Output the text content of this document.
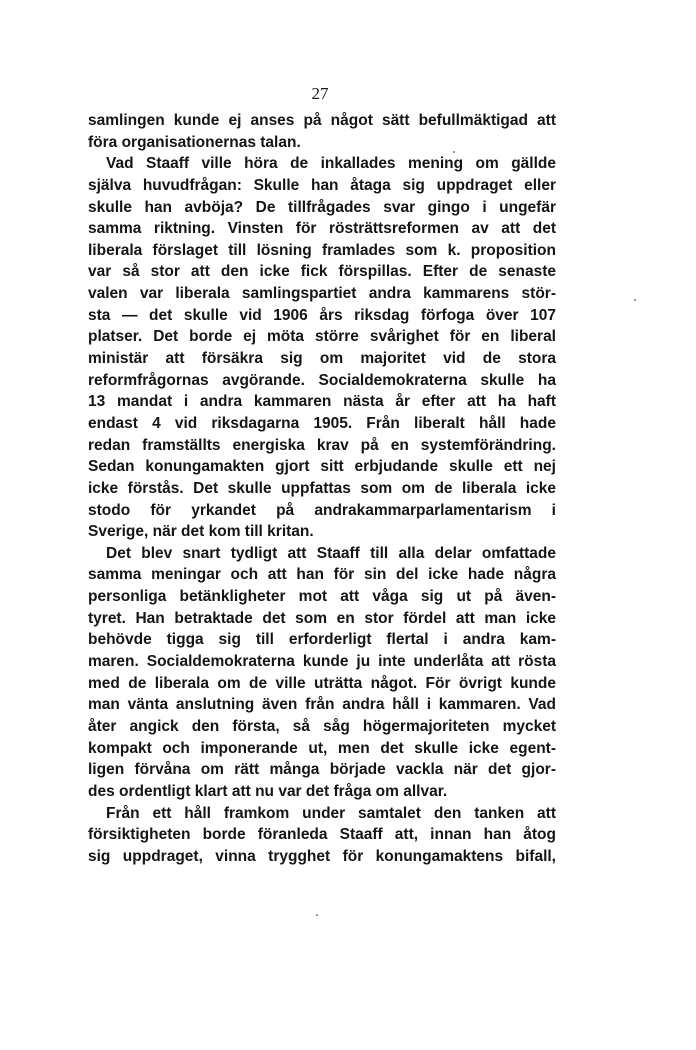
27
samlingen kunde ej anses på något sätt befullmäktigad att
föra organisationernas talan.
Vad Staaff ville höra de inkallades mening om gällde
själva huvudfrågan: Skulle han åtaga sig uppdraget eller
skulle han avböja? De tillfrågades svar gingo i ungefär
samma riktning. Vinsten för rösträttsreformen av att det
liberala förslaget till lösning framlades som k. proposition
var så stor att den icke fick förspillas. Efter de senaste
valen var liberala samlingspartiet andra kammarens stör-
sta — det skulle vid 1906 års riksdag förfoga över 107
platser. Det borde ej möta större svårighet för en liberal
ministär att försäkra sig om majoritet vid de stora
reformfrågornas avgörande. Socialdemokraterna skulle ha
13 mandat i andra kammaren nästa år efter att ha haft
endast 4 vid riksdagarna 1905. Från liberalt håll hade
redan framställts energiska krav på en systemförändring.
Sedan konungamakten gjort sitt erbjudande skulle ett nej
icke förstås. Det skulle uppfattas som om de liberala icke
stodo för yrkandet på andrakammarparlamentarism i
Sverige, när det kom till kritan.
Det blev snart tydligt att Staaff till alla delar omfattade
samma meningar och att han för sin del icke hade några
personliga betänkligheter mot att våga sig ut på även-
tyret. Han betraktade det som en stor fördel att man icke
behövde tigga sig till erforderligt flertal i andra kam-
maren. Socialdemokraterna kunde ju inte underlåta att rösta
med de liberala om de ville uträtta något. För övrigt kunde
man vänta anslutning även från andra håll i kammaren. Vad
åter angick den första, så såg högermajoriteten mycket
kompakt och imponerande ut, men det skulle icke egent-
ligen förvåna om rätt många började vackla när det gjor-
des ordentligt klart att nu var det fråga om allvar.
Från ett håll framkom under samtalet den tanken att
försiktigheten borde föranleda Staaff att, innan han åtog
sig uppdraget, vinna trygghet för konungamaktens bifall,
